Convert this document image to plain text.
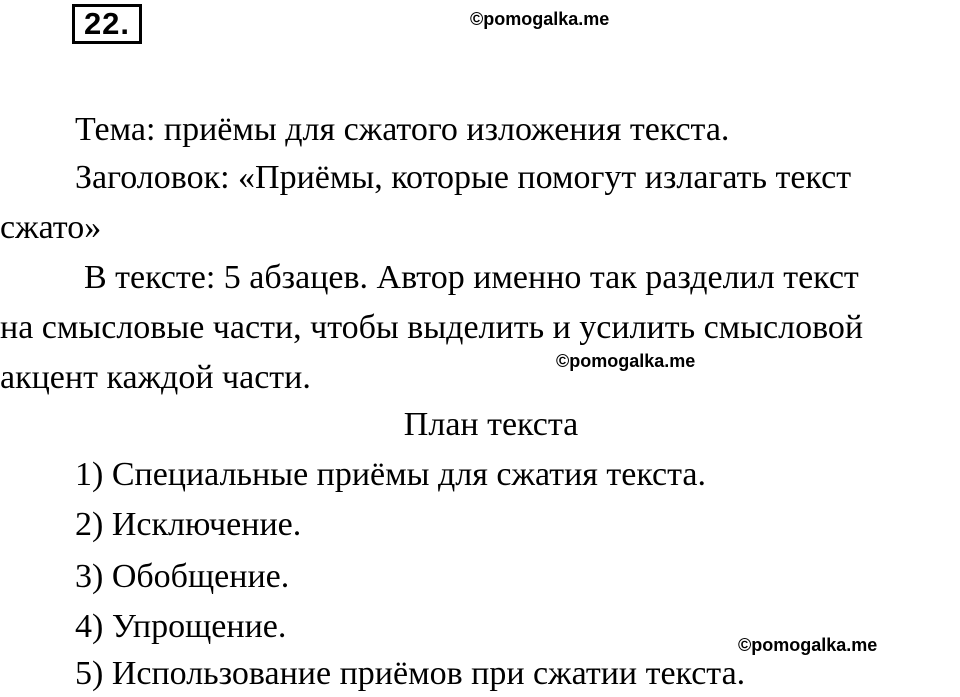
22.	©pomogalka.me
Тема: приёмы для сжатого изложения текста.
Заголовок: «Приёмы, которые помогут излагать текст
сжато»
В тексте: 5 абзацев. Автор именно так разделил текст
на смысловые части, чтобы выделить и усилить смысловой
©pomogalka.me
акцент каждой части.
План текста
1) Специальные приёмы для сжатия текста.
2) Исключение.
3) Обобщение.
4) Упрощение.	©pomogalka.me
5) Использование приёмов при сжатии текста.
